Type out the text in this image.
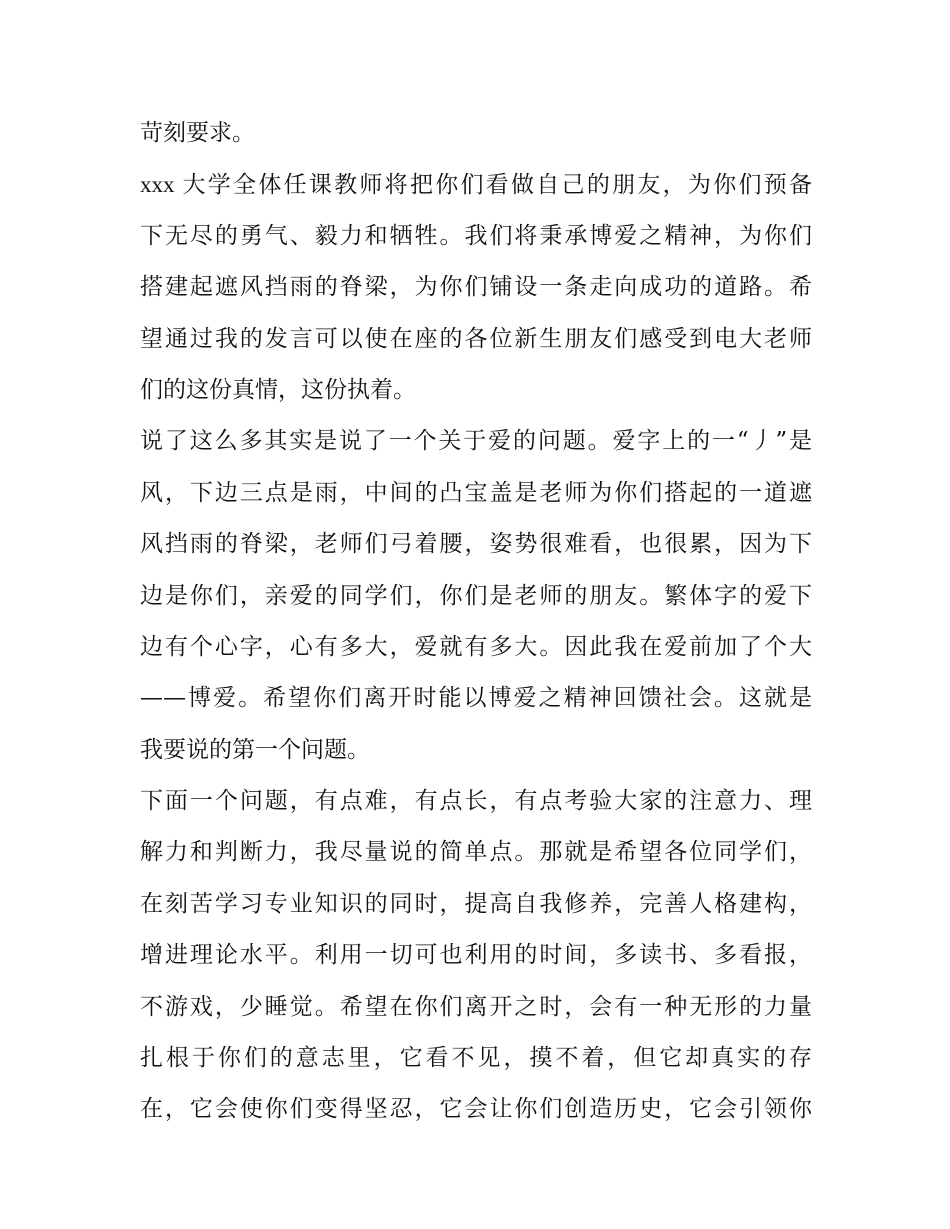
苛刻要求。
xxx 大学全体任课教师将把你们看做自己的朋友，为你们预备
下无尽的勇气、毅力和牺牲。我们将秉承博爱之精神，为你们
搭建起遮风挡雨的脊梁，为你们铺设一条走向成功的道路。希
望通过我的发言可以使在座的各位新生朋友们感受到电大老师
们的这份真情，这份执着。
说了这么多其实是说了一个关于爱的问题。爱字上的一“丿”是
风，下边三点是雨，中间的凸宝盖是老师为你们搭起的一道遮
风挡雨的脊梁，老师们弓着腰，姿势很难看，也很累，因为下
边是你们，亲爱的同学们，你们是老师的朋友。繁体字的爱下
边有个心字，心有多大，爱就有多大。因此我在爱前加了个大
——博爱。希望你们离开时能以博爱之精神回馈社会。这就是
我要说的第一个问题。
下面一个问题，有点难，有点长，有点考验大家的注意力、理
解力和判断力，我尽量说的简单点。那就是希望各位同学们，
在刻苦学习专业知识的同时，提高自我修养，完善人格建构，
增进理论水平。利用一切可也利用的时间，多读书、多看报，
不游戏，少睡觉。希望在你们离开之时，会有一种无形的力量
扎根于你们的意志里，它看不见，摸不着，但它却真实的存
在，它会使你们变得坚忍，它会让你们创造历史，它会引领你
